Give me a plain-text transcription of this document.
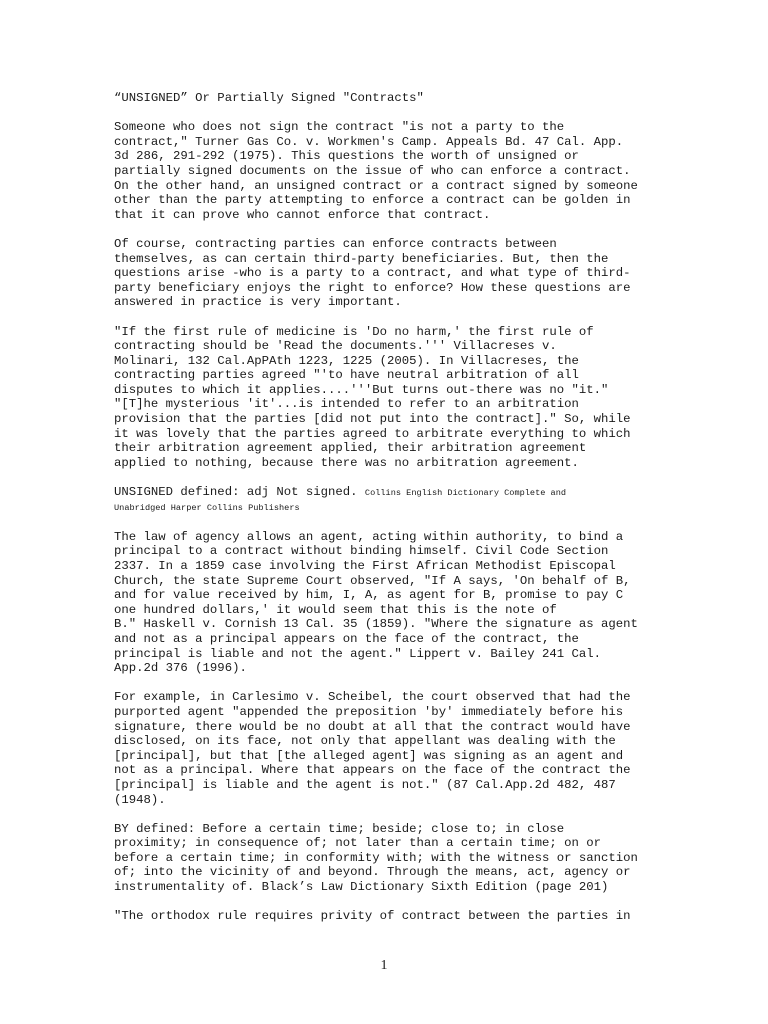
“UNSIGNED” Or Partially Signed "Contracts"
Someone who does not sign the contract "is not a party to the
contract," Turner Gas Co. v. Workmen's Camp. Appeals Bd. 47 Cal. App.
3d 286, 291-292 (1975). This questions the worth of unsigned or
partially signed documents on the issue of who can enforce a contract.
On the other hand, an unsigned contract or a contract signed by someone
other than the party attempting to enforce a contract can be golden in
that it can prove who cannot enforce that contract.
Of course, contracting parties can enforce contracts between
themselves, as can certain third-party beneficiaries. But, then the
questions arise -who is a party to a contract, and what type of third-
party beneficiary enjoys the right to enforce? How these questions are
answered in practice is very important.
"If the first rule of medicine is 'Do no harm,' the first rule of
contracting should be 'Read the documents.''' Villacreses v.
Molinari, 132 Cal.ApPAth 1223, 1225 (2005). In Villacreses, the
contracting parties agreed "'to have neutral arbitration of all
disputes to which it applies....'''But turns out-there was no "it."
"[T]he mysterious 'it'...is intended to refer to an arbitration
provision that the parties [did not put into the contract]." So, while
it was lovely that the parties agreed to arbitrate everything to which
their arbitration agreement applied, their arbitration agreement
applied to nothing, because there was no arbitration agreement.
UNSIGNED defined: adj Not signed. Collins English Dictionary Complete and
Unabridged Harper Collins Publishers
The law of agency allows an agent, acting within authority, to bind a
principal to a contract without binding himself. Civil Code Section
2337. In a 1859 case involving the First African Methodist Episcopal
Church, the state Supreme Court observed, "If A says, 'On behalf of B,
and for value received by him, I, A, as agent for B, promise to pay C
one hundred dollars,' it would seem that this is the note of
B." Haskell v. Cornish 13 Cal. 35 (1859). "Where the signature as agent
and not as a principal appears on the face of the contract, the
principal is liable and not the agent." Lippert v. Bailey 241 Cal.
App.2d 376 (1996).
For example, in Carlesimo v. Scheibel, the court observed that had the
purported agent "appended the preposition 'by' immediately before his
signature, there would be no doubt at all that the contract would have
disclosed, on its face, not only that appellant was dealing with the
[principal], but that [the alleged agent] was signing as an agent and
not as a principal. Where that appears on the face of the contract the
[principal] is liable and the agent is not." (87 Cal.App.2d 482, 487
(1948).
BY defined: Before a certain time; beside; close to; in close
proximity; in consequence of; not later than a certain time; on or
before a certain time; in conformity with; with the witness or sanction
of; into the vicinity of and beyond. Through the means, act, agency or
instrumentality of. Black’s Law Dictionary Sixth Edition (page 201)
"The orthodox rule requires privity of contract between the parties in
1
